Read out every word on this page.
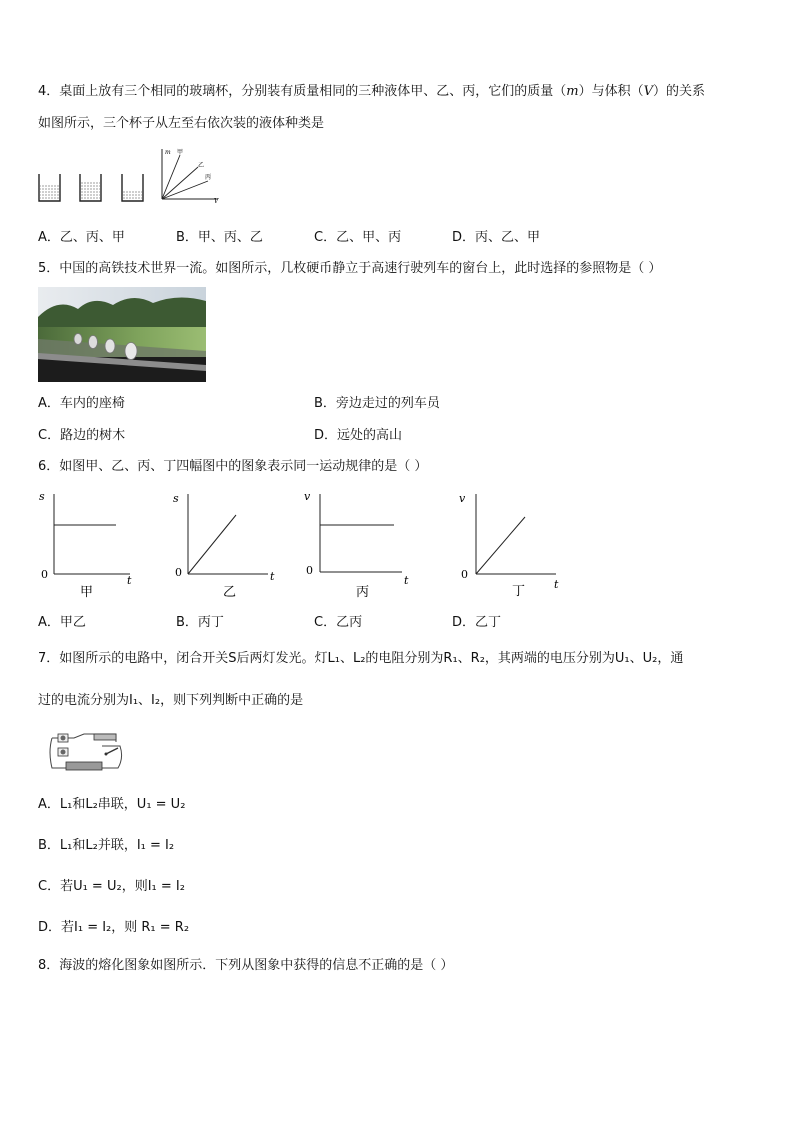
4．桌面上放有三个相同的玻璃杯，分别装有质量相同的三种液体甲、乙、丙，它们的质量（m）与体积（V）的关系
如图所示，三个杯子从左至右依次装的液体种类是
m
V
甲
乙
丙
A．乙、丙、甲	B．甲、丙、乙	C．乙、甲、丙	D．丙、乙、甲
5．中国的高铁技术世界一流。如图所示，几枚硬币静立于高速行驶列车的窗台上，此时选择的参照物是（ ）
A．车内的座椅	B．旁边走过的列车员
C．路边的树木	D．远处的高山
6．如图甲、乙、丙、丁四幅图中的图象表示同一运动规律的是（ ）
s
t
0
甲
s
t
0
乙
v
t
0
丙
v
t
0
丁
A．甲乙	B．丙丁	C．乙丙	D．乙丁
7．如图所示的电路中，闭合开关S后两灯发光。灯L₁、L₂的电阻分别为R₁、R₂，其两端的电压分别为U₁、U₂，通
过的电流分别为I₁、I₂，则下列判断中正确的是
A．L₁和L₂串联，U₁ = U₂
B．L₁和L₂并联，I₁ = I₂
C．若U₁ = U₂，则I₁ = I₂
D．若I₁ = I₂，则 R₁ = R₂
8．海波的熔化图象如图所示．下列从图象中获得的信息不正确的是（ ）
